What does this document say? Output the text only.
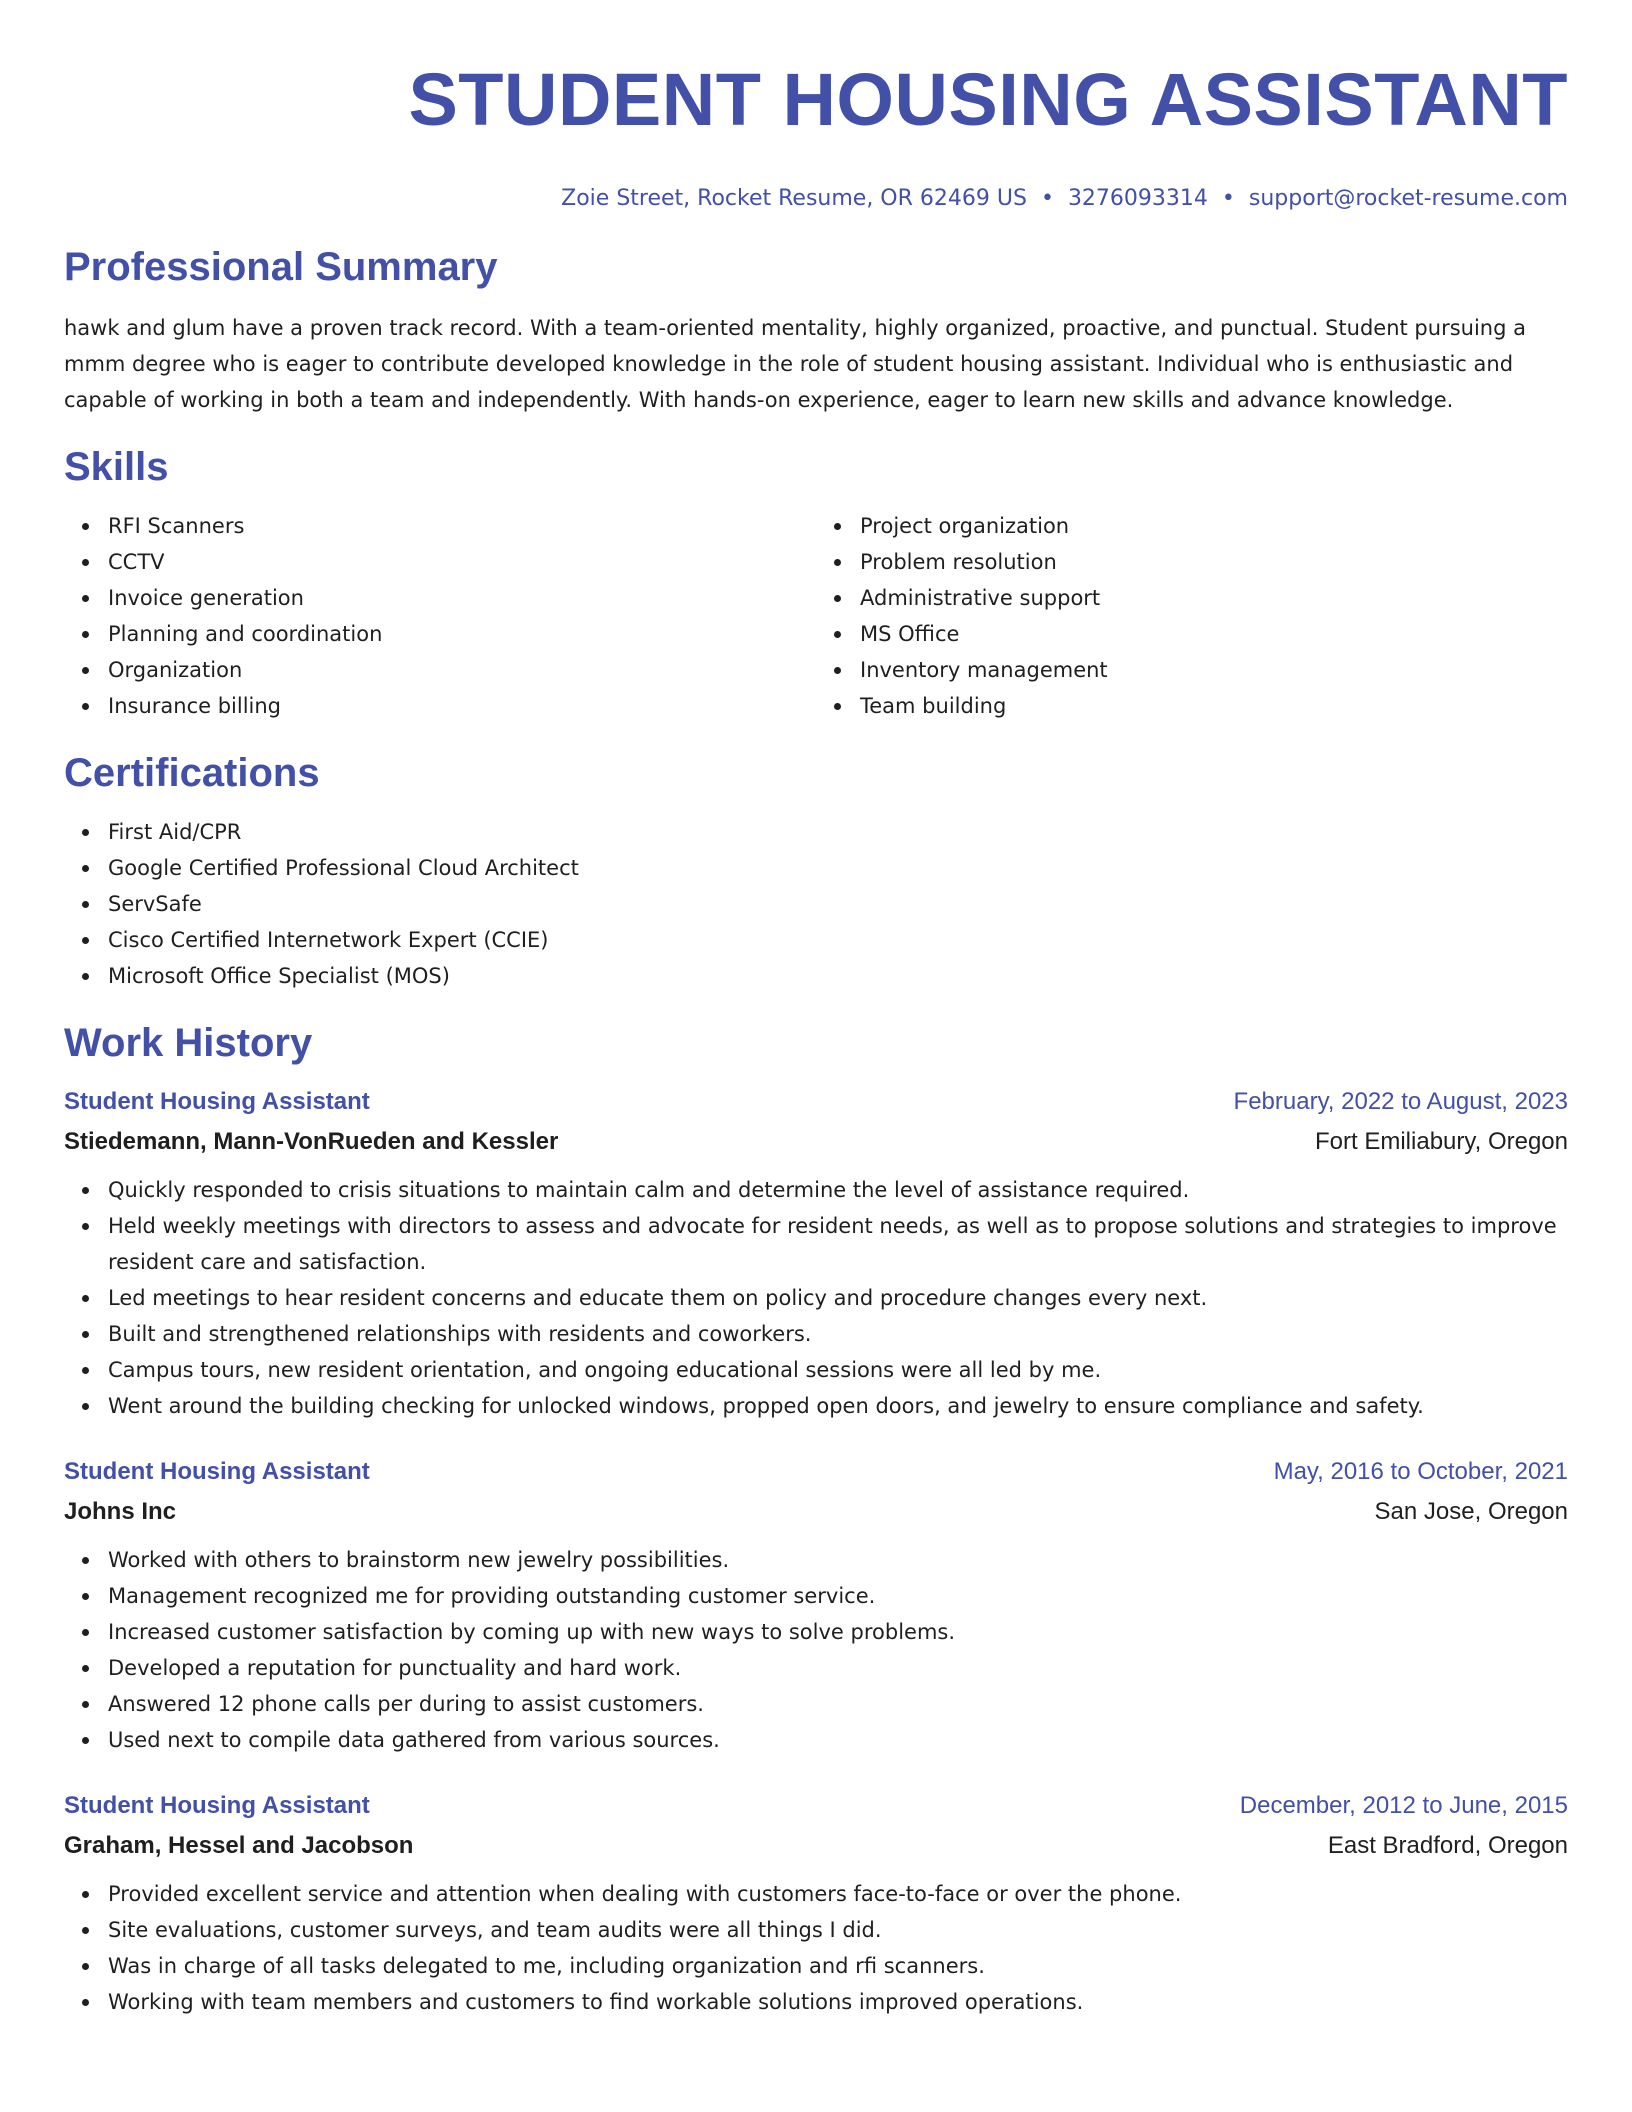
STUDENT HOUSING ASSISTANT
Zoie Street, Rocket Resume, OR 62469 US • 3276093314 • support@rocket-resume.com
Professional Summary

hawk and glum have a proven track record. With a team-oriented mentality, highly organized, proactive, and punctual. Student pursuing a mmm degree who is eager to contribute developed knowledge in the role of student housing assistant. Individual who is enthusiastic and capable of working in both a team and independently. With hands-on experience, eager to learn new skills and advance knowledge.

Skills
RFI Scanners
CCTV
Invoice generation
Planning and coordination
Organization
Insurance billing
Project organization
Problem resolution
Administrative support
MS Office
Inventory management
Team building
Certifications
First Aid/CPR
Google Certified Professional Cloud Architect
ServSafe
Cisco Certified Internetwork Expert (CCIE)
Microsoft Office Specialist (MOS)
Work History
Student Housing Assistant	February, 2022 to August, 2023
Stiedemann, Mann-VonRueden and Kessler	Fort Emiliabury, Oregon
Quickly responded to crisis situations to maintain calm and determine the level of assistance required.
Held weekly meetings with directors to assess and advocate for resident needs, as well as to propose solutions and strategies to improve resident care and satisfaction.
Led meetings to hear resident concerns and educate them on policy and procedure changes every next.
Built and strengthened relationships with residents and coworkers.
Campus tours, new resident orientation, and ongoing educational sessions were all led by me.
Went around the building checking for unlocked windows, propped open doors, and jewelry to ensure compliance and safety.
Student Housing Assistant	May, 2016 to October, 2021
Johns Inc	San Jose, Oregon
Worked with others to brainstorm new jewelry possibilities.
Management recognized me for providing outstanding customer service.
Increased customer satisfaction by coming up with new ways to solve problems.
Developed a reputation for punctuality and hard work.
Answered 12 phone calls per during to assist customers.
Used next to compile data gathered from various sources.
Student Housing Assistant	December, 2012 to June, 2015
Graham, Hessel and Jacobson	East Bradford, Oregon
Provided excellent service and attention when dealing with customers face-to-face or over the phone.
Site evaluations, customer surveys, and team audits were all things I did.
Was in charge of all tasks delegated to me, including organization and rfi scanners.
Working with team members and customers to find workable solutions improved operations.
